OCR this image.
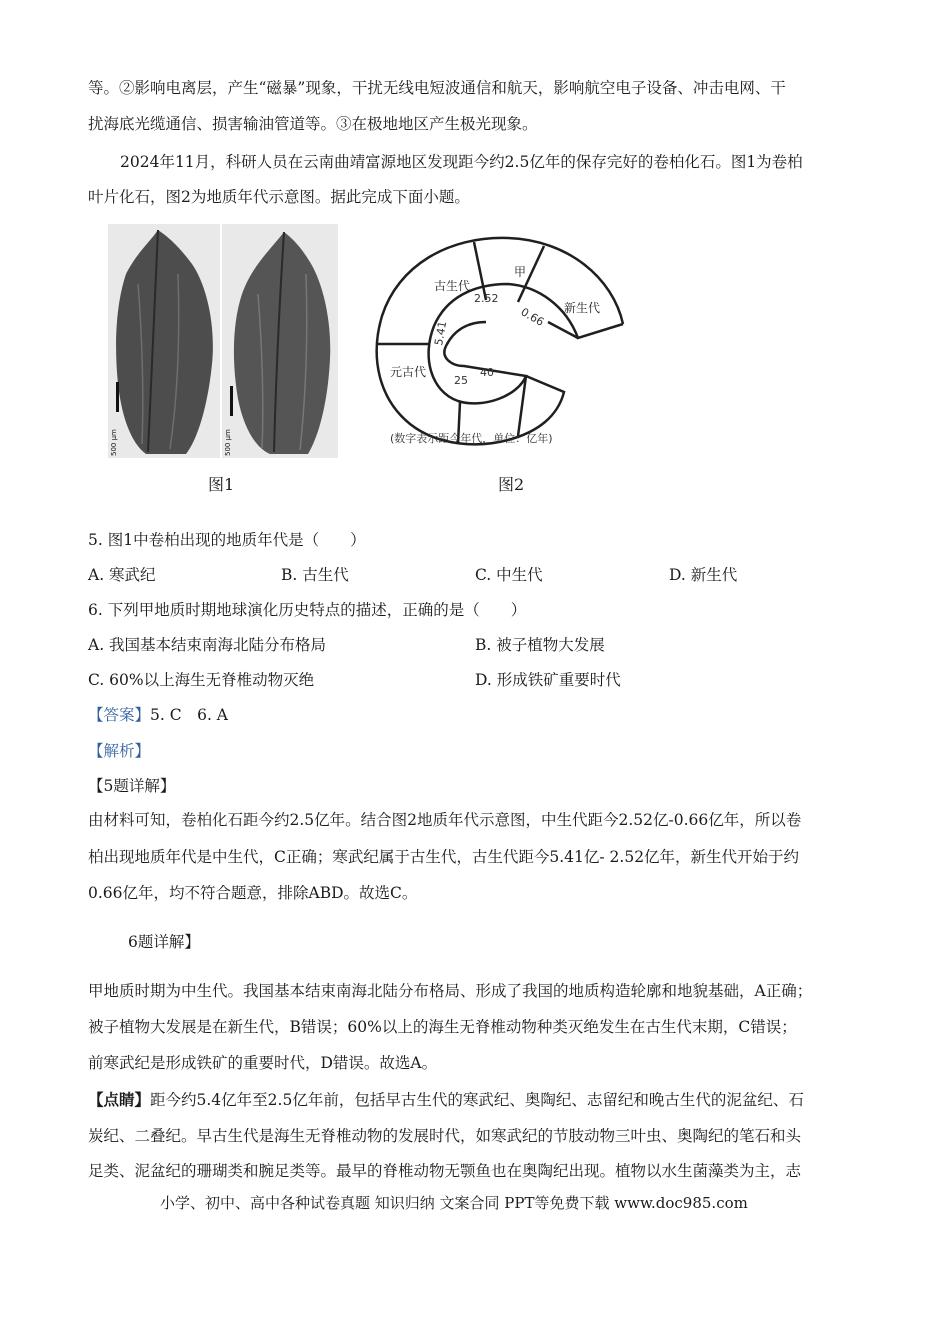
等。②影响电离层，产生“磁暴”现象，干扰无线电短波通信和航天，影响航空电子设备、冲击电网、干
扰海底光缆通信、损害输油管道等。③在极地地区产生极光现象。
2024年11月，科研人员在云南曲靖富源地区发现距今约2.5亿年的保存完好的卷柏化石。图1为卷柏
叶片化石，图2为地质年代示意图。据此完成下面小题。
500 μm	500 μm
图1
古生代
甲
新生代
元古代
2.52
0.66
5.41
25
40
(数字表示距今年代，单位：亿年)
图2
5. 图1中卷柏出现的地质年代是（　　）
A. 寒武纪	B. 古生代	C. 中生代	D. 新生代
6. 下列甲地质时期地球演化历史特点的描述，正确的是（　　）
A. 我国基本结束南海北陆分布格局	B. 被子植物大发展
C. 60%以上海生无脊椎动物灭绝	D. 形成铁矿重要时代
【答案】5. C　6. A
【解析】
【5题详解】
由材料可知，卷柏化石距今约2.5亿年。结合图2地质年代示意图，中生代距今2.52亿-0.66亿年，所以卷
柏出现地质年代是中生代，C正确；寒武纪属于古生代，古生代距今5.41亿- 2.52亿年，新生代开始于约
0.66亿年，均不符合题意，排除ABD。故选C。
6题详解】
甲地质时期为中生代。我国基本结束南海北陆分布格局、形成了我国的地质构造轮廓和地貌基础，A正确；
被子植物大发展是在新生代，B错误；60%以上的海生无脊椎动物种类灭绝发生在古生代末期，C错误；
前寒武纪是形成铁矿的重要时代，D错误。故选A。
【点睛】距今约5.4亿年至2.5亿年前，包括早古生代的寒武纪、奥陶纪、志留纪和晚古生代的泥盆纪、石
炭纪、二叠纪。早古生代是海生无脊椎动物的发展时代，如寒武纪的节肢动物三叶虫、奥陶纪的笔石和头
足类、泥盆纪的珊瑚类和腕足类等。最早的脊椎动物无颚鱼也在奥陶纪出现。植物以水生菌藻类为主，志
小学、初中、高中各种试卷真题 知识归纳 文案合同 PPT等免费下载 www.doc985.com
